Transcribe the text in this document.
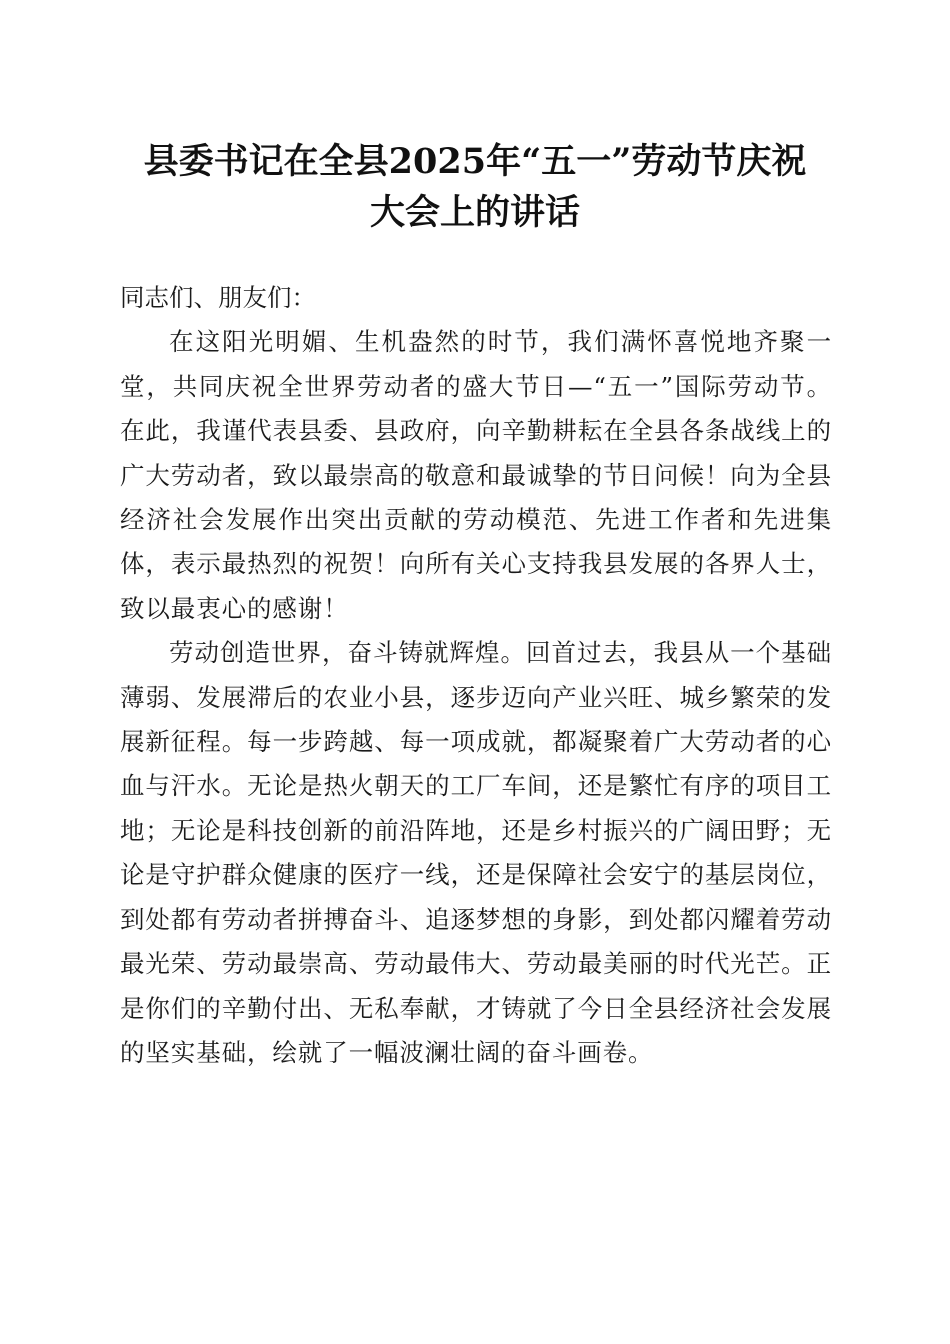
县委书记在全县2025年“五一”劳动节庆祝
大会上的讲话

同志们、朋友们：

在这阳光明媚、生机盎然的时节，我们满怀喜悦地齐聚一堂，共同庆祝全世界劳动者的盛大节日—“五一”国际劳动节。在此，我谨代表县委、县政府，向辛勤耕耘在全县各条战线上的广大劳动者，致以最崇高的敬意和最诚挚的节日问候！向为全县经济社会发展作出突出贡献的劳动模范、先进工作者和先进集体，表示最热烈的祝贺！向所有关心支持我县发展的各界人士，致以最衷心的感谢！

劳动创造世界，奋斗铸就辉煌。回首过去，我县从一个基础薄弱、发展滞后的农业小县，逐步迈向产业兴旺、城乡繁荣的发展新征程。每一步跨越、每一项成就，都凝聚着广大劳动者的心血与汗水。无论是热火朝天的工厂车间，还是繁忙有序的项目工地；无论是科技创新的前沿阵地，还是乡村振兴的广阔田野；无论是守护群众健康的医疗一线，还是保障社会安宁的基层岗位，到处都有劳动者拼搏奋斗、追逐梦想的身影，到处都闪耀着劳动最光荣、劳动最崇高、劳动最伟大、劳动最美丽的时代光芒。正是你们的辛勤付出、无私奉献，才铸就了今日全县经济社会发展的坚实基础，绘就了一幅波澜壮阔的奋斗画卷。
